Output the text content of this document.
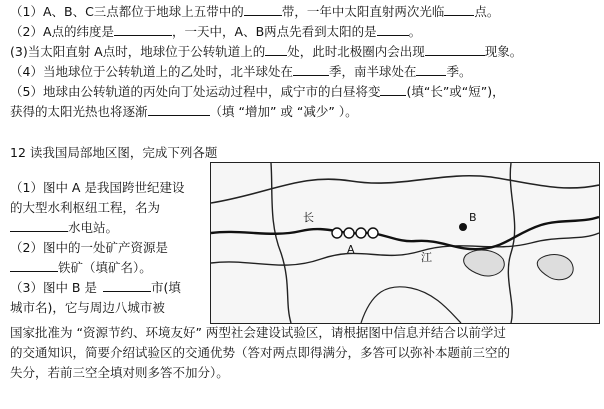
（1）A、B、C三点都位于地球上五带中的	带，一年中太阳直射两次光临 点。
（2）A点的纬度是	，一天中，A、B两点先看到太阳的是	。
(3)当太阳直射 A点时，地球位于公转轨道上的 处，此时北极圈内会出现	现象。
（4）当地球位于公转轨道上的乙处时，北半球处在	季，南半球处在 季。
（5）地球由公转轨道的丙处向丁处运动过程中，咸宁市的白昼将变 (填“长”或“短”)，
获得的太阳光热也将逐渐	（填 “增加” 或 “减少” ）。
12 读我国局部地区图，完成下列各题
（1）图中 A 是我国跨世纪建设
的大型水利枢纽工程，名为
水电站。
（2）图中的一处矿产资源是
铁矿（填矿名）。
（3）图中 B 是	市(填
城市名)，它与周边八城市被
国家批准为 “资源节约、环境友好” 两型社会建设试验区，请根据图中信息并结合以前学过
的交通知识，简要介绍试验区的交通优势（答对两点即得满分，多答可以弥补本题前三空的
失分，若前三空全填对则多答不加分）。
长
江
A
B
